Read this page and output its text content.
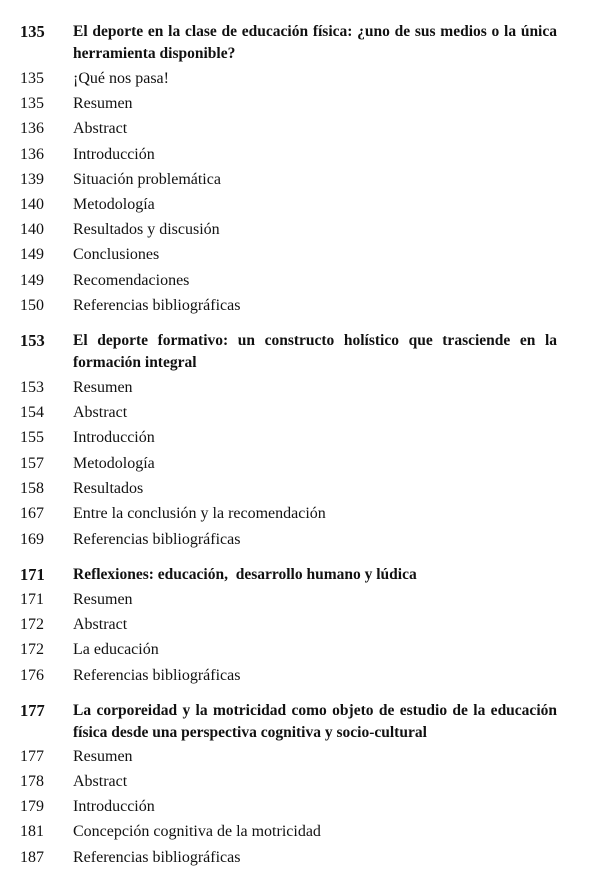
135	El deporte en la clase de educación física: ¿uno de sus medios o la única herramienta disponible?
135	¡Qué nos pasa!
135	Resumen
136	Abstract
136	Introducción
139	Situación problemática
140	Metodología
140	Resultados y discusión
149	Conclusiones
149	Recomendaciones
150	Referencias bibliográficas
153	El deporte formativo: un constructo holístico que trasciende en la formación integral
153	Resumen
154	Abstract
155	Introducción
157	Metodología
158	Resultados
167	Entre la conclusión y la recomendación
169	Referencias bibliográficas
171	Reflexiones: educación,  desarrollo humano y lúdica
171	Resumen
172	Abstract
172	La educación
176	Referencias bibliográficas
177	La corporeidad y la motricidad como objeto de estudio de la educación física desde una perspectiva cognitiva y socio-cultural
177	Resumen
178	Abstract
179	Introducción
181	Concepción cognitiva de la motricidad
187	Referencias bibliográficas
